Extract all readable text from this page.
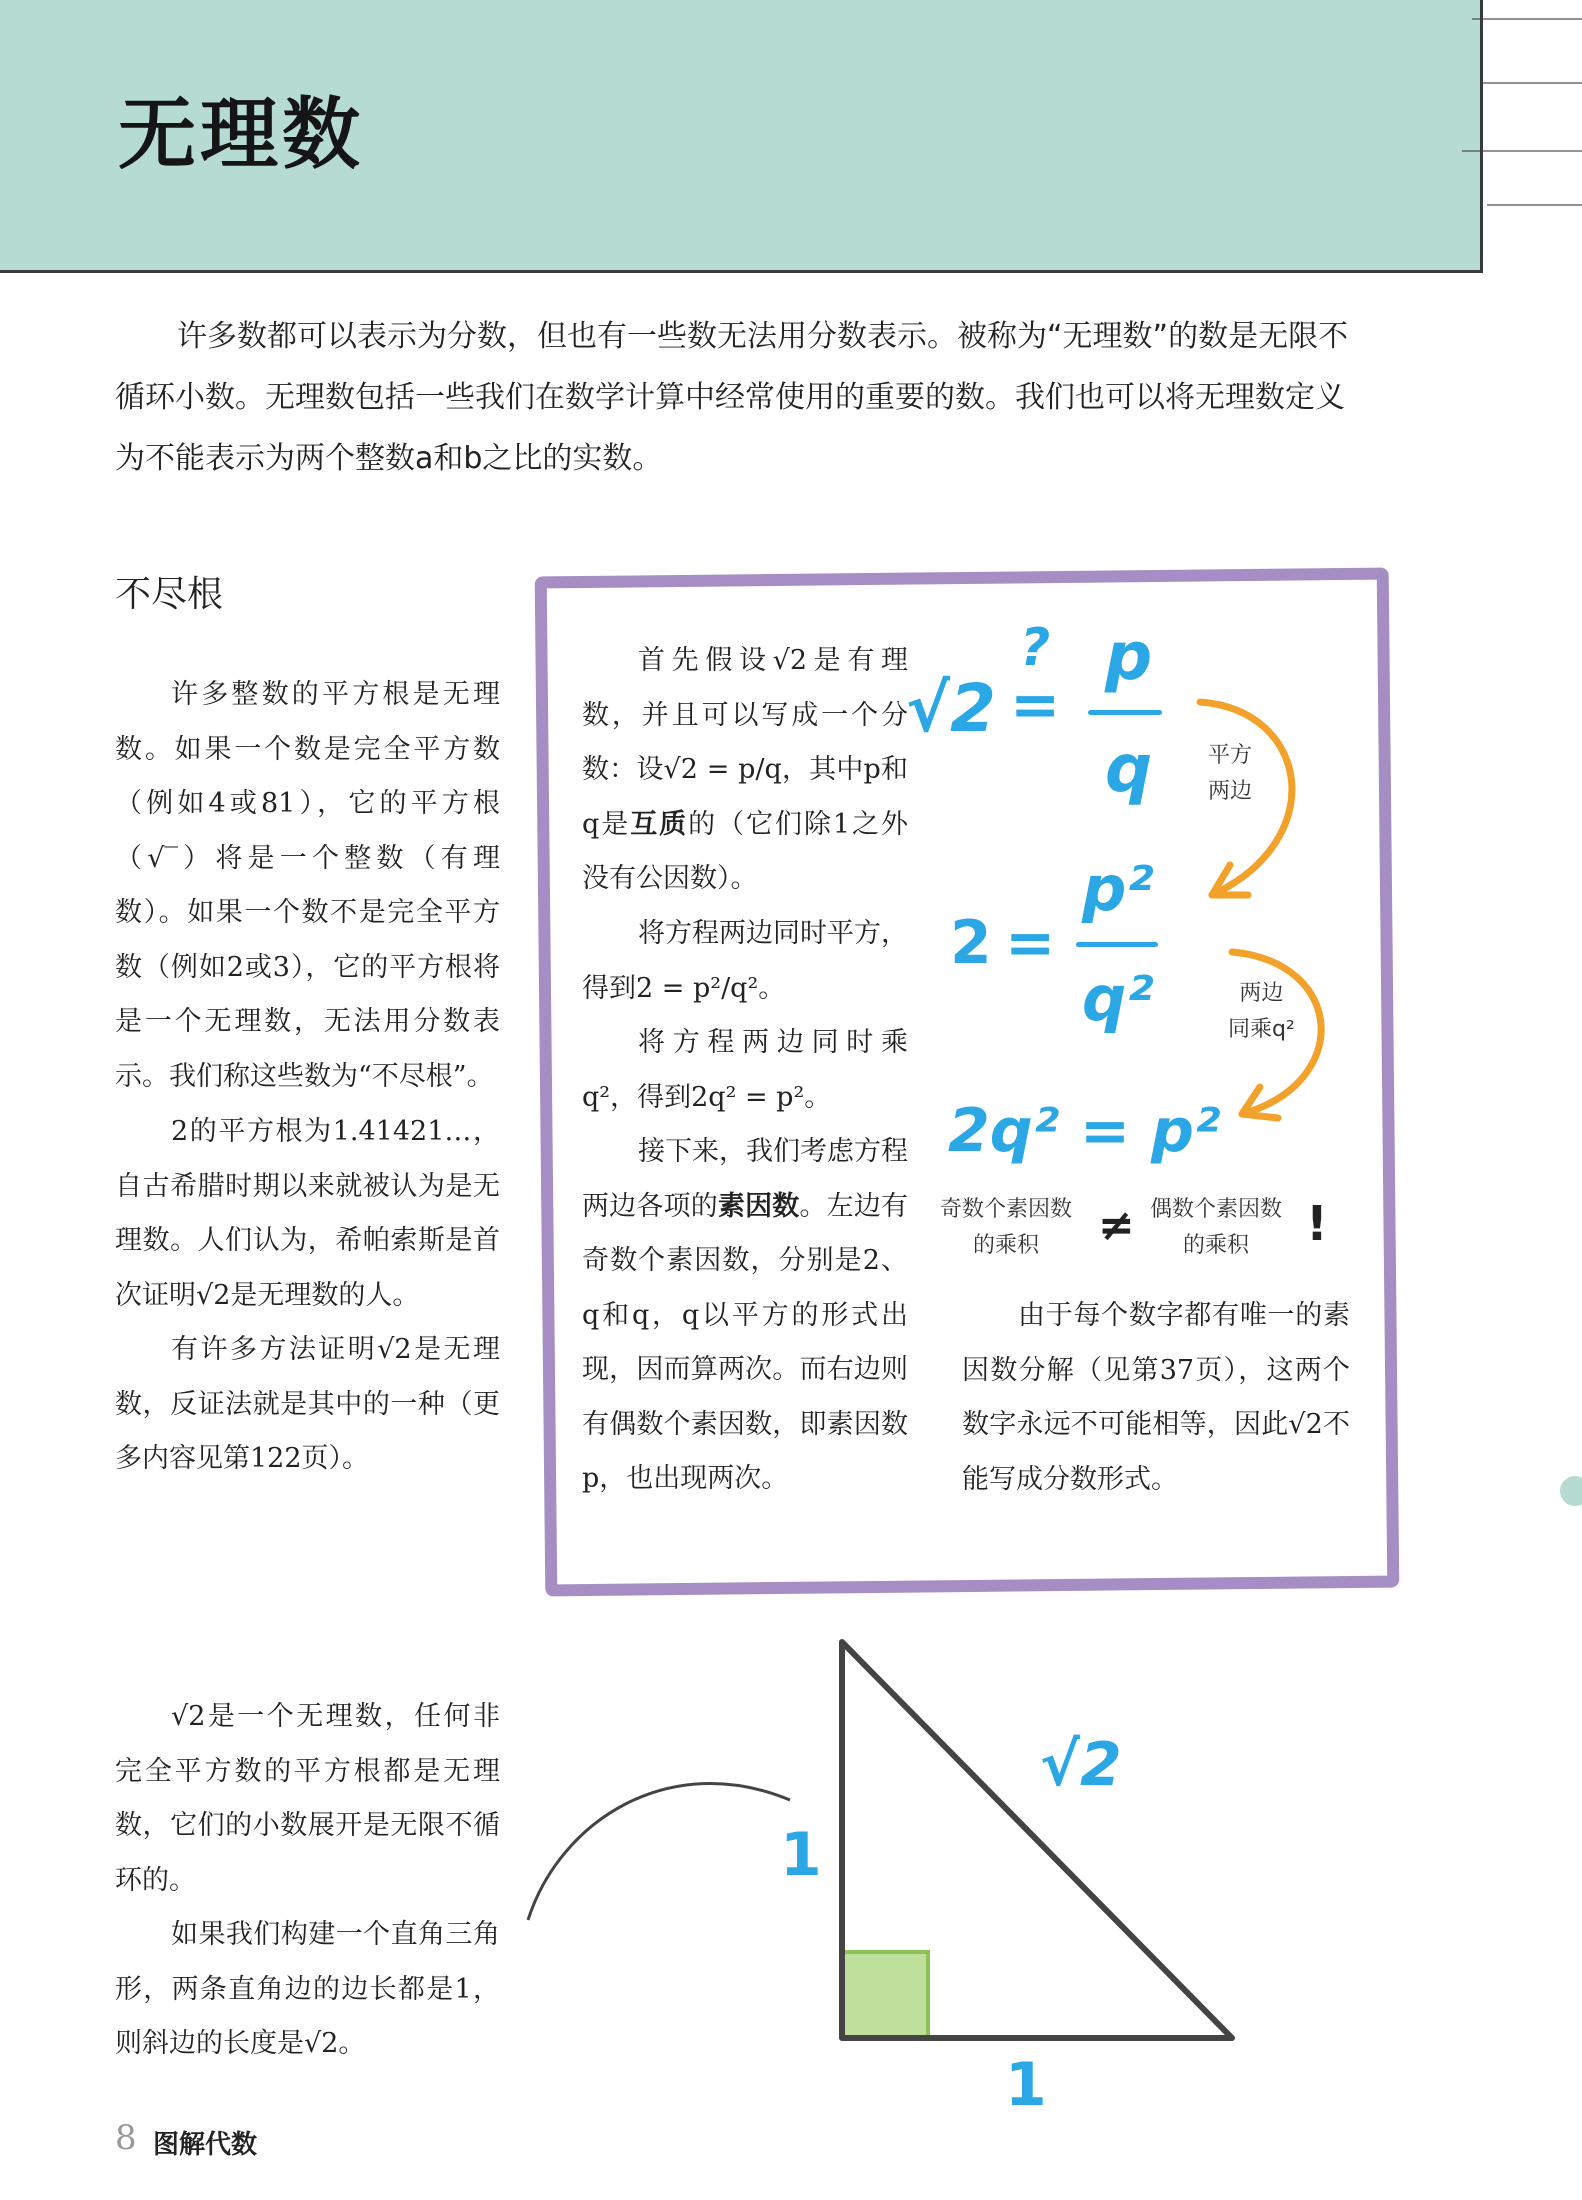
无理数

许多数都可以表示为分数，但也有一些数无法用分数表示。被称为“无理数”的数是无限不循环小数。无理数包括一些我们在数学计算中经常使用的重要的数。我们也可以将无理数定义为不能表示为两个整数a和b之比的实数。

不尽根

许多整数的平方根是无理数。如果一个数是完全平方数（例如4或81），它的平方根（√‾）将是一个整数（有理数）。如果一个数不是完全平方数（例如2或3），它的平方根将是一个无理数，无法用分数表示。我们称这些数为“不尽根”。

2的平方根为1.41421…，自古希腊时期以来就被认为是无理数。人们认为，希帕索斯是首次证明√2是无理数的人。

有许多方法证明√2是无理数，反证法就是其中的一种（更多内容见第122页）。

首先假设√2是有理数，并且可以写成一个分数：设√2 = p/q，其中p和q是互质的（它们除1之外没有公因数）。

将方程两边同时平方，得到2 = p²/q²。

将方程两边同时乘q²，得到2q² = p²。

接下来，我们考虑方程两边各项的素因数。左边有奇数个素因数，分别是2、q和q，q以平方的形式出现，因而算两次。而右边则有偶数个素因数，即素因数p，也出现两次。

由于每个数字都有唯一的素因数分解（见第37页），这两个数字永远不可能相等，因此√2不能写成分数形式。

√2
?
=
p
q	平方
两边
2 =
p²
q²	两边
同乘q²
2q² = p²
奇数个素因数
的乘积	≠ 偶数个素因数
的乘积	!

√2是一个无理数，任何非完全平方数的平方根都是无理数，它们的小数展开是无限不循环的。

如果我们构建一个直角三角形，两条直角边的边长都是1，则斜边的长度是√2。

1
1
√2
8 图解代数
